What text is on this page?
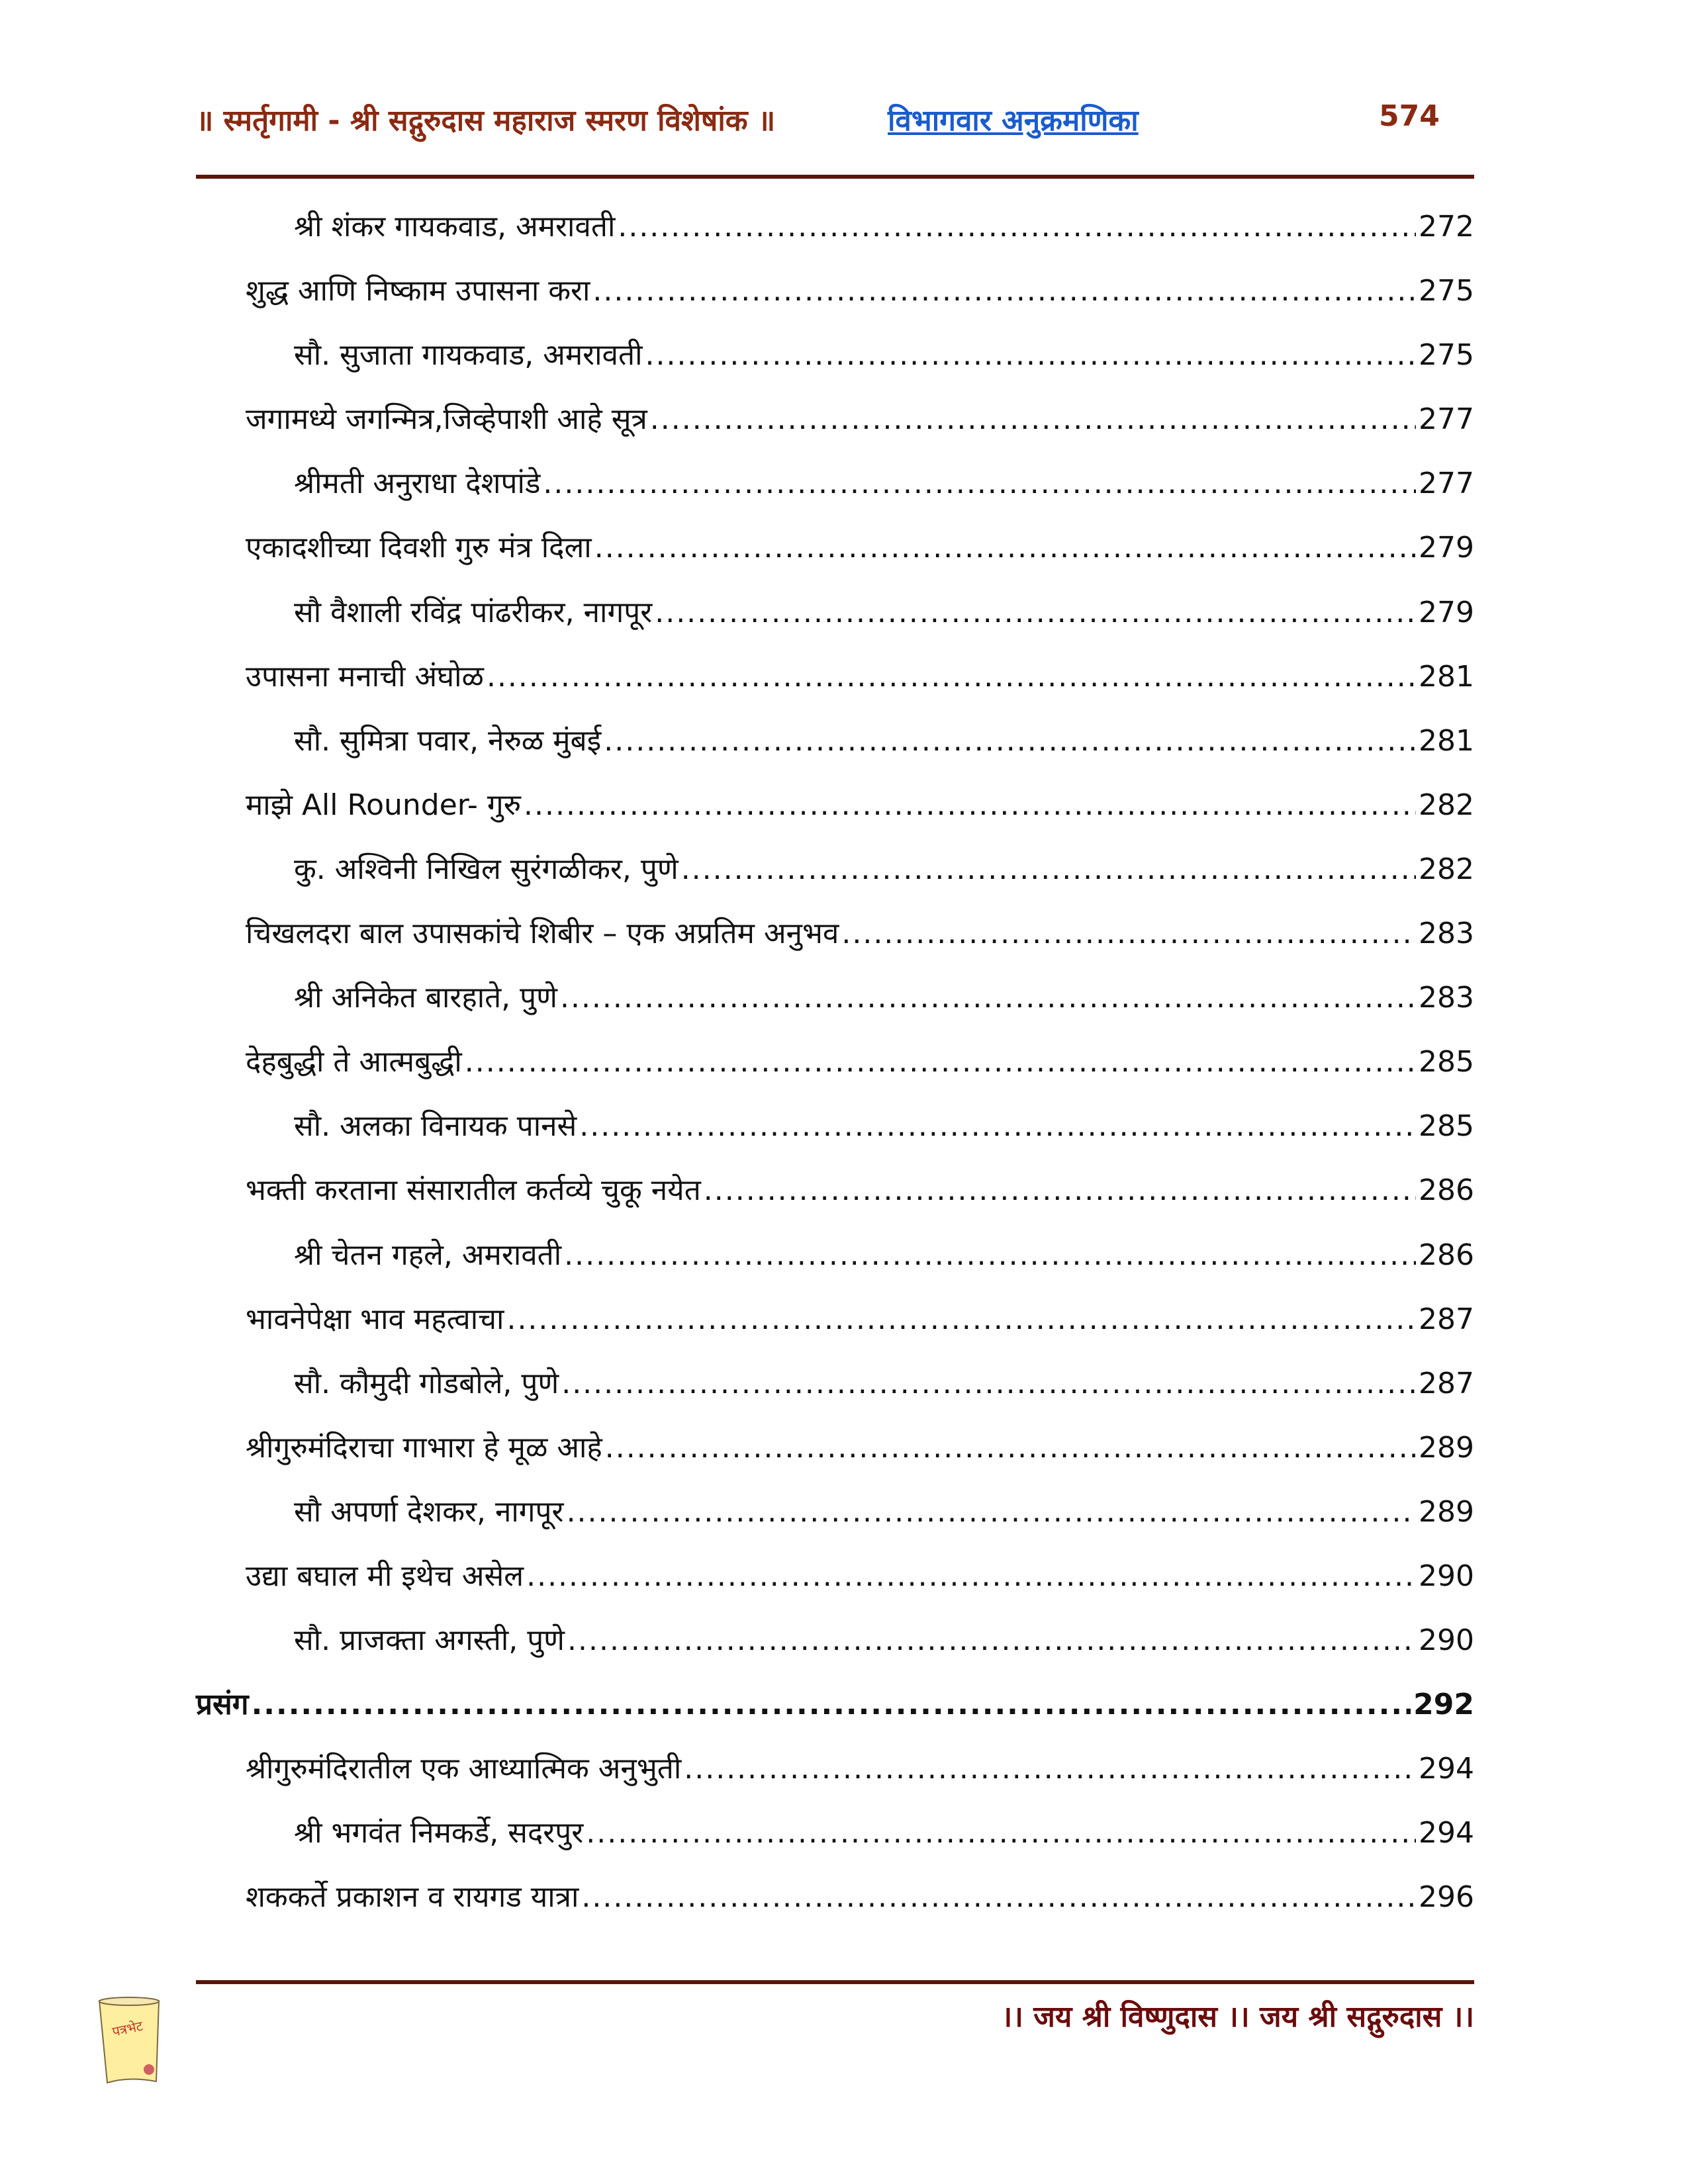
॥ स्मर्तृगामी - श्री सद्गुरुदास महाराज स्मरण विशेषांक ॥	विभागवार अनुक्रमणिका	574
श्री शंकर गायकवाड, अमरावती .....	272
शुद्ध आणि निष्काम उपासना करा .....	275
सौ. सुजाता गायकवाड, अमरावती .....	275
जगामध्ये जगन्मित्र,जिव्हेपाशी आहे सूत्र .....	277
श्रीमती अनुराधा देशपांडे .....	277
एकादशीच्या दिवशी गुरु मंत्र दिला .....	279
सौ वैशाली रविंद्र पांढरीकर, नागपूर .....	279
उपासना मनाची अंघोळ .....	281
सौ. सुमित्रा पवार, नेरुळ मुंबई .....	281
माझे All Rounder- गुरु .....	282
कु. अश्विनी निखिल सुरंगळीकर, पुणे .....	282
चिखलदरा बाल उपासकांचे शिबीर – एक अप्रतिम अनुभव .....	283
श्री अनिकेत बारहाते, पुणे .....	283
देहबुद्धी ते आत्मबुद्धी .....	285
सौ. अलका विनायक पानसे .....	285
भक्ती करताना संसारातील कर्तव्ये चुकू नयेत .....	286
श्री चेतन गहले, अमरावती .....	286
भावनेपेक्षा भाव महत्वाचा .....	287
सौ. कौमुदी गोडबोले, पुणे .....	287
श्रीगुरुमंदिराचा गाभारा हे मूळ आहे .....	289
सौ अपर्णा देशकर, नागपूर .....	289
उद्या बघाल मी इथेच असेल .....	290
सौ. प्राजक्ता अगस्ती, पुणे .....	290
प्रसंग .....	292
श्रीगुरुमंदिरातील एक आध्यात्मिक अनुभुती .....	294
श्री भगवंत निमकर्डे, सदरपुर .....	294
शककर्ते प्रकाशन व रायगड यात्रा .....	296
।। जय श्री विष्णुदास ।। जय श्री सद्गुरुदास ।।
पत्रभेट
